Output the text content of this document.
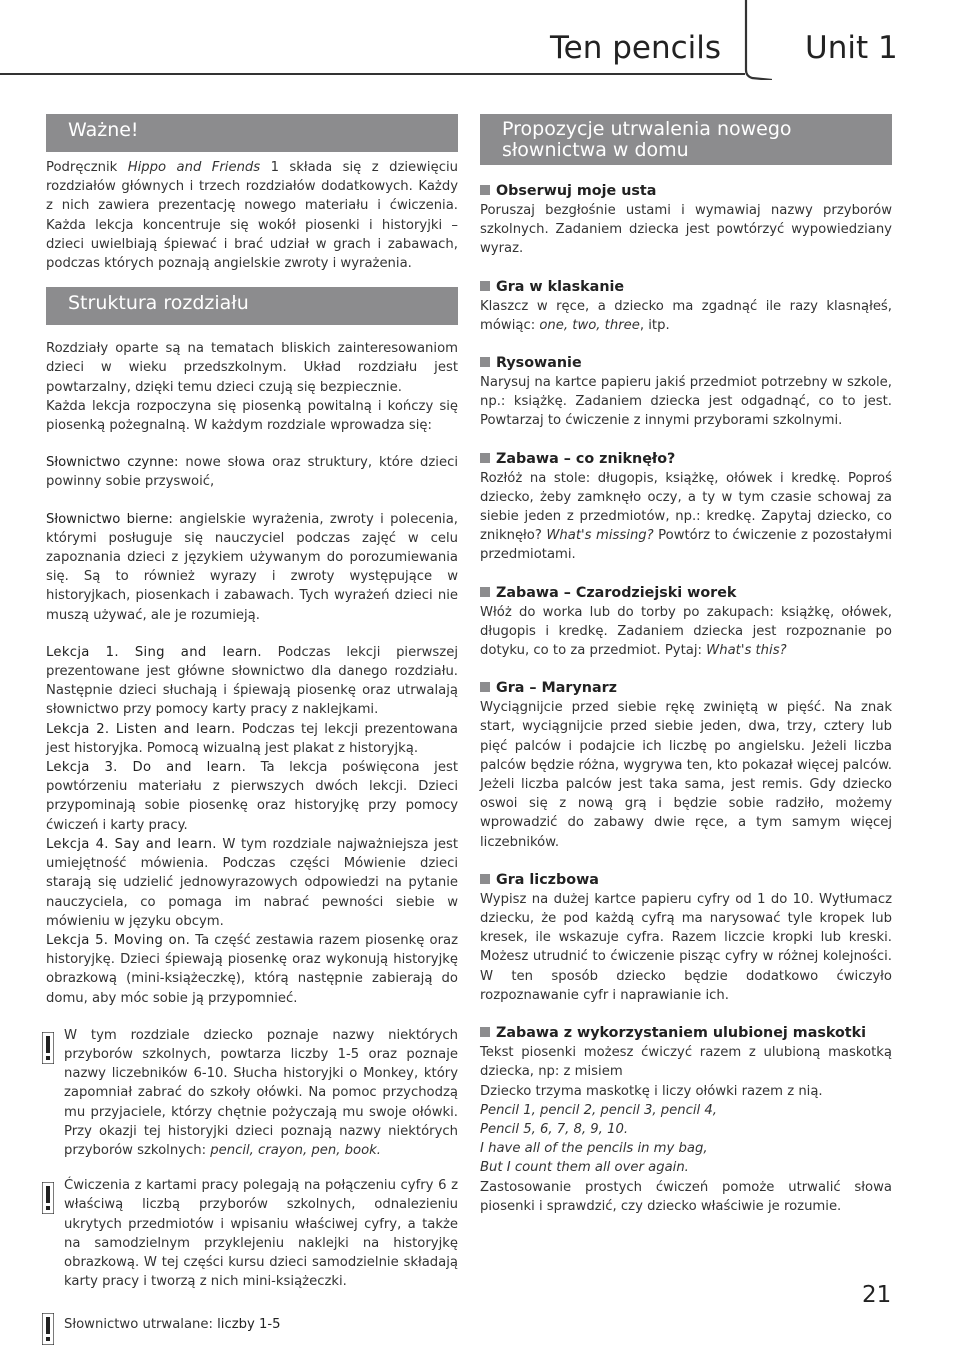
Ten pencils	Unit 1
Ważne!

Podręcznik Hippo and Friends 1 składa się z dziewięciu rozdziałów głównych i trzech rozdziałów dodatkowych. Każdy z nich zawiera prezentację nowego materiału i ćwiczenia. Każda lekcja koncentruje się wokół piosenki i historyjki – dzieci uwielbiają śpiewać i brać udział w grach i zabawach, podczas których poznają angielskie zwroty i wyrażenia.

Struktura rozdziału

Rozdziały oparte są na tematach bliskich zainteresowaniom dzieci w wieku przedszkolnym. Układ rozdziału jest powtarzalny, dzięki temu dzieci czują się bezpiecznie.

Każda lekcja rozpoczyna się piosenką powitalną i kończy się piosenką pożegnalną. W każdym rozdziale wprowadza się:

Słownictwo czynne: nowe słowa oraz struktury, które dzieci powinny sobie przyswoić,

Słownictwo bierne: angielskie wyrażenia, zwroty i polecenia, którymi posługuje się nauczyciel podczas zajęć w celu zapoznania dzieci z językiem używanym do porozumiewania się. Są to również wyrazy i zwroty występujące w historyjkach, piosenkach i zabawach. Tych wyrażeń dzieci nie muszą używać, ale je rozumieją.

Lekcja 1. Sing and learn. Podczas lekcji pierwszej prezentowane jest główne słownictwo dla danego rozdziału. Następnie dzieci słuchają i śpiewają piosenkę oraz utrwalają słownictwo przy pomocy karty pracy z naklejkami.

Lekcja 2. Listen and learn. Podczas tej lekcji prezentowana jest historyjka. Pomocą wizualną jest plakat z historyjką.

Lekcja 3. Do and learn. Ta lekcja poświęcona jest powtórzeniu materiału z pierwszych dwóch lekcji. Dzieci przypominają sobie piosenkę oraz historyjkę przy pomocy ćwiczeń i karty pracy.

Lekcja 4. Say and learn. W tym rozdziale najważniejsza jest umiejętność mówienia. Podczas części Mówienie dzieci starają się udzielić jednowyrazowych odpowiedzi na pytanie nauczyciela, co pomaga im nabrać pewności siebie w mówieniu w języku obcym.

Lekcja 5. Moving on. Ta część zestawia razem piosenkę oraz historyjkę. Dzieci śpiewają piosenkę oraz wykonują historyjkę obrazkową (mini-książeczkę), którą następnie zabierają do domu, aby móc sobie ją przypomnieć.

W tym rozdziale dziecko poznaje nazwy niektórych przyborów szkolnych, powtarza liczby 1-5 oraz poznaje nazwy liczebników 6-10. Słucha historyjki o Monkey, który zapomniał zabrać do szkoły ołówki. Na pomoc przychodzą mu przyjaciele, którzy chętnie pożyczają mu swoje ołówki. Przy okazji tej historyjki dzieci poznają nazwy niektórych przyborów szkolnych: pencil, crayon, pen, book.

Ćwiczenia z kartami pracy polegają na połączeniu cyfry 6 z właściwą liczbą przyborów szkolnych, odnalezieniu ukrytych przedmiotów i wpisaniu właściwej cyfry, a także na samodzielnym przyklejeniu naklejki na historyjkę obrazkową. W tej części kursu dzieci samodzielnie składają karty pracy i tworzą z nich mini-książeczki.

Słownictwo utrwalane: liczby 1-5

Propozycje utrwalenia nowego słownictwa w domu
Obserwuj moje usta

Poruszaj bezgłośnie ustami i wymawiaj nazwy przyborów szkolnych. Zadaniem dziecka jest powtórzyć wypowiedziany wyraz.

Gra w klaskanie

Klaszcz w ręce, a dziecko ma zgadnąć ile razy klasnąłeś, mówiąc: one, two, three, itp.

Rysowanie

Narysuj na kartce papieru jakiś przedmiot potrzebny w szkole, np.: książkę. Zadaniem dziecka jest odgadnąć, co to jest. Powtarzaj to ćwiczenie z innymi przyborami szkolnymi.

Zabawa – co zniknęło?

Rozłóż na stole: długopis, książkę, ołówek i kredkę. Poproś dziecko, żeby zamknęło oczy, a ty w tym czasie schowaj za siebie jeden z przedmiotów, np.: kredkę. Zapytaj dziecko, co zniknęło? What's missing? Powtórz to ćwiczenie z pozostałymi przedmiotami.

Zabawa – Czarodziejski worek

Włóż do worka lub do torby po zakupach: książkę, ołówek, długopis i kredkę. Zadaniem dziecka jest rozpoznanie po dotyku, co to za przedmiot. Pytaj: What's this?

Gra – Marynarz

Wyciągnijcie przed siebie rękę zwiniętą w pięść. Na znak start, wyciągnijcie przed siebie jeden, dwa, trzy, cztery lub pięć palców i podajcie ich liczbę po angielsku. Jeżeli liczba palców będzie różna, wygrywa ten, kto pokazał więcej palców. Jeżeli liczba palców jest taka sama, jest remis. Gdy dziecko oswoi się z nową grą i będzie sobie radziło, możemy wprowadzić do zabawy dwie ręce, a tym samym więcej liczebników.

Gra liczbowa

Wypisz na dużej kartce papieru cyfry od 1 do 10. Wytłumacz dziecku, że pod każdą cyfrą ma narysować tyle kropek lub kresek, ile wskazuje cyfra. Razem liczcie kropki lub kreski. Możesz utrudnić to ćwiczenie pisząc cyfry w różnej kolejności. W ten sposób dziecko będzie dodatkowo ćwiczyło rozpoznawanie cyfr i naprawianie ich.

Zabawa z wykorzystaniem ulubionej maskotki

Tekst piosenki możesz ćwiczyć razem z ulubioną maskotką dziecka, np: z misiem

Dziecko trzyma maskotkę i liczy ołówki razem z nią.

Pencil 1, pencil 2, pencil 3, pencil 4,
Pencil 5, 6, 7, 8, 9, 10.
I have all of the pencils in my bag,
But I count them all over again.

Zastosowanie prostych ćwiczeń pomoże utrwalić słowa piosenki i sprawdzić, czy dziecko właściwie je rozumie.

21
